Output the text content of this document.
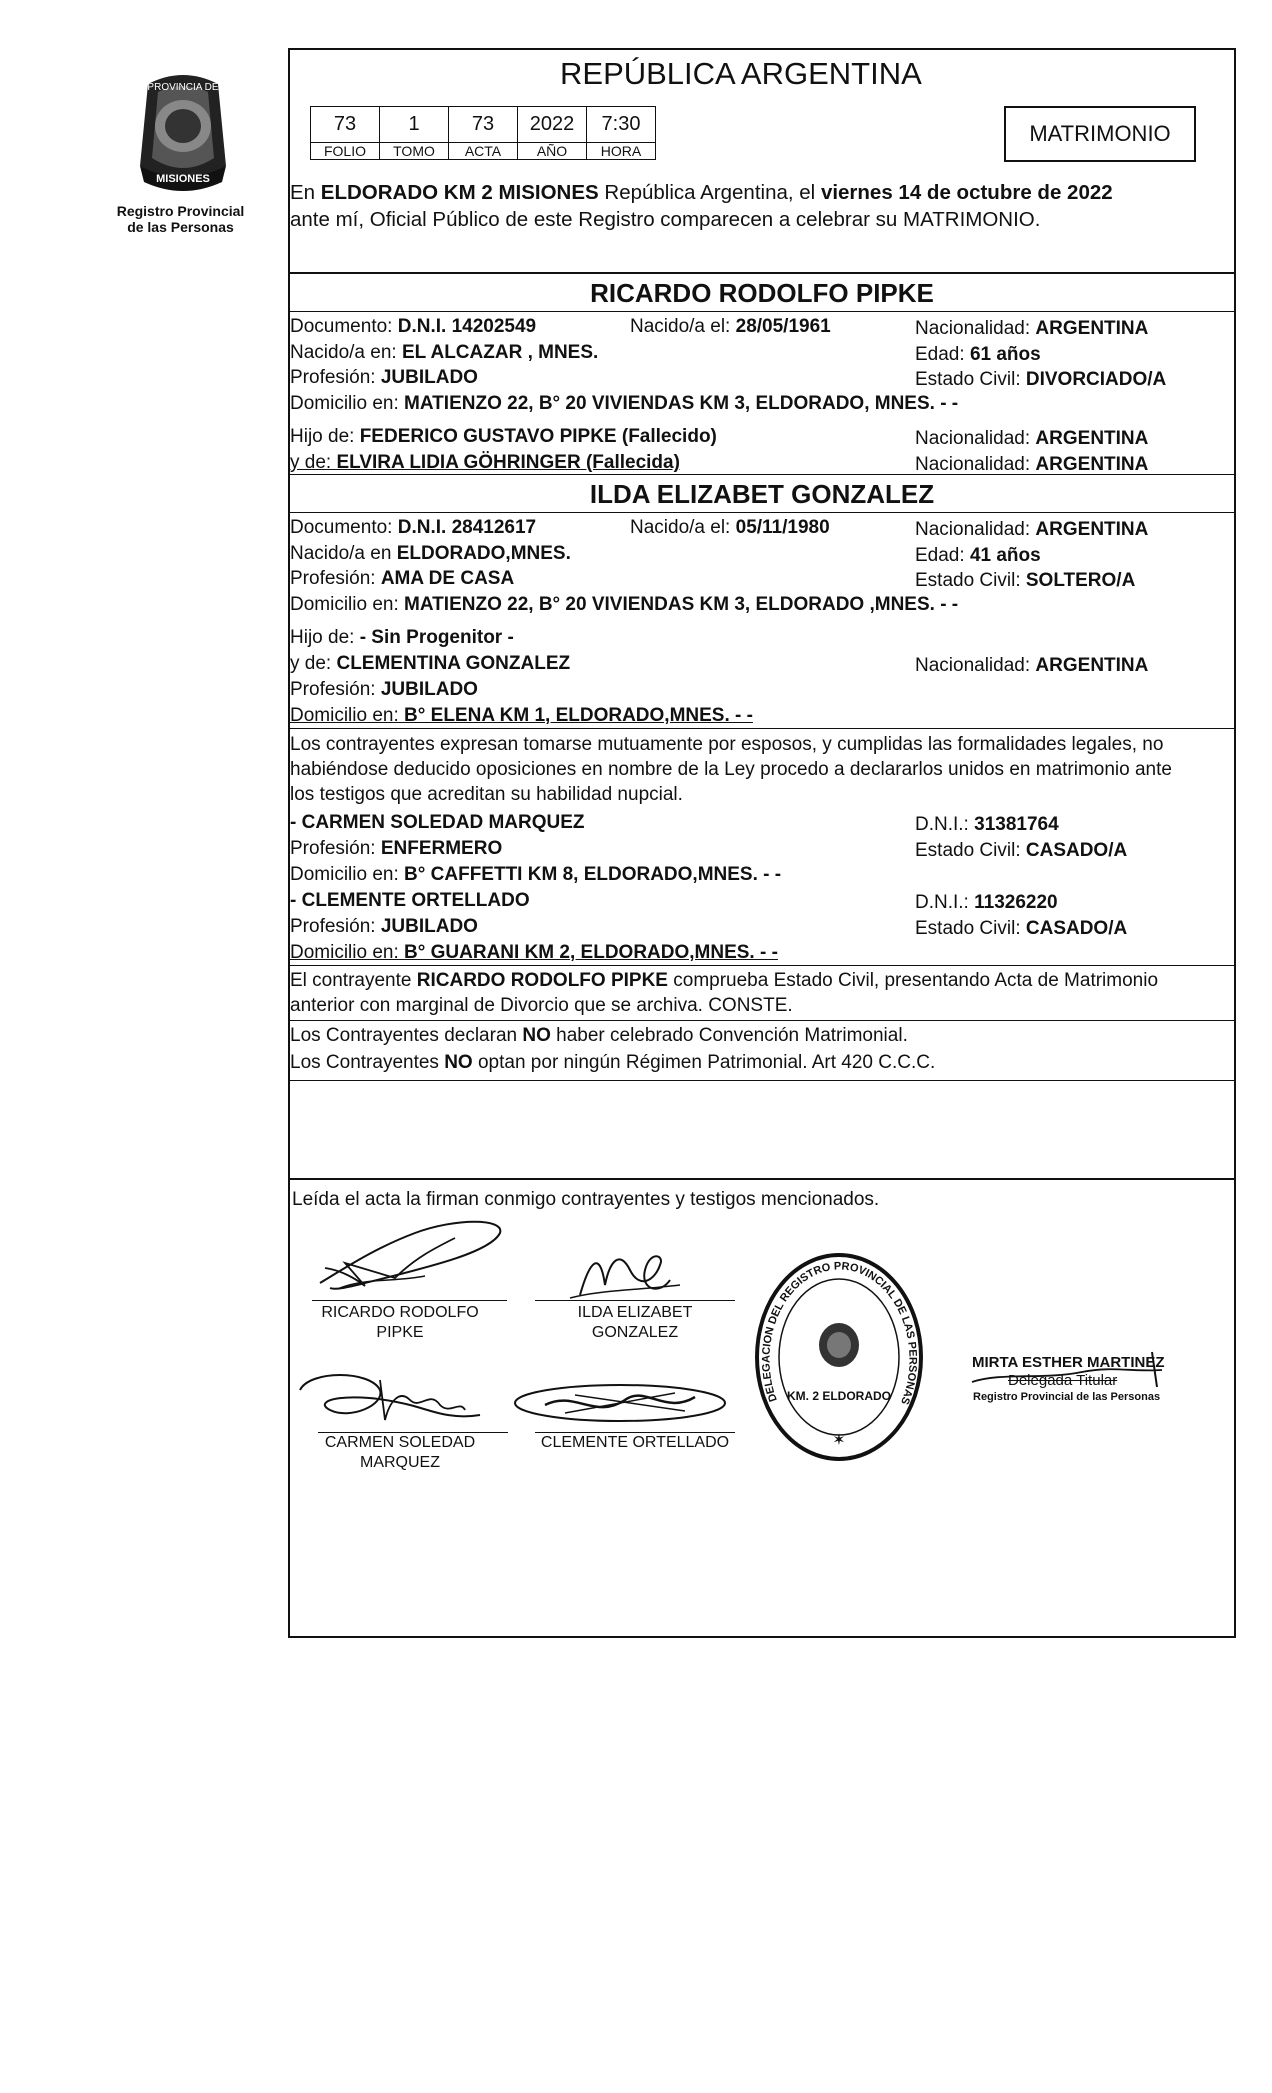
PROVINCIA DE
MISIONES
Registro Provincial
de las Personas
REPÚBLICA ARGENTINA
73	1	73	2022	7:30
FOLIO	TOMO	ACTA	AÑO	HORA
MATRIMONIO
En ELDORADO KM 2 MISIONES República Argentina, el viernes 14 de octubre de 2022
ante mí, Oficial Público de este Registro comparecen a celebrar su MATRIMONIO.
RICARDO RODOLFO PIPKE
Documento: D.N.I. 14202549	Nacido/a el: 28/05/1961	Nacionalidad: ARGENTINA
Nacido/a en: EL ALCAZAR , MNES.	Edad: 61 años
Profesión: JUBILADO	Estado Civil: DIVORCIADO/A
Domicilio en: MATIENZO 22, B° 20 VIVIENDAS KM 3, ELDORADO, MNES. - -
Hijo de: FEDERICO GUSTAVO PIPKE (Fallecido)	Nacionalidad: ARGENTINA
y de: ELVIRA LIDIA GÖHRINGER (Fallecida)	Nacionalidad: ARGENTINA
ILDA ELIZABET GONZALEZ
Documento: D.N.I. 28412617	Nacido/a el: 05/11/1980	Nacionalidad: ARGENTINA
Nacido/a en ELDORADO,MNES.	Edad: 41 años
Profesión: AMA DE CASA	Estado Civil: SOLTERO/A
Domicilio en: MATIENZO 22, B° 20 VIVIENDAS KM 3, ELDORADO ,MNES. - -
Hijo de: - Sin Progenitor -
y de: CLEMENTINA GONZALEZ	Nacionalidad: ARGENTINA
Profesión: JUBILADO
Domicilio en: B° ELENA KM 1, ELDORADO,MNES. - -
Los contrayentes expresan tomarse mutuamente por esposos, y cumplidas las formalidades legales, no
habiéndose deducido oposiciones en nombre de la Ley procedo a declararlos unidos en matrimonio ante
los testigos que acreditan su habilidad nupcial.
- CARMEN SOLEDAD MARQUEZ	D.N.I.: 31381764
Profesión: ENFERMERO	Estado Civil: CASADO/A
Domicilio en: B° CAFFETTI KM 8, ELDORADO,MNES. - -
- CLEMENTE ORTELLADO	D.N.I.: 11326220
Profesión: JUBILADO	Estado Civil: CASADO/A
Domicilio en: B° GUARANI KM 2, ELDORADO,MNES. - -
El contrayente RICARDO RODOLFO PIPKE comprueba Estado Civil, presentando Acta de Matrimonio
anterior con marginal de Divorcio que se archiva. CONSTE.
Los Contrayentes declaran NO haber celebrado Convención Matrimonial.
Los Contrayentes NO optan por ningún Régimen Patrimonial. Art 420 C.C.C.
Leída el acta la firman conmigo contrayentes y testigos mencionados.
RICARDO RODOLFO
PIPKE
ILDA ELIZABET
GONZALEZ
CARMEN SOLEDAD
MARQUEZ
CLEMENTE ORTELLADO
DELEGACION DEL REGISTRO PROVINCIAL DE LAS PERSONAS
KM. 2 ELDORADO
✶
MIRTA ESTHER MARTINEZ
Delegada Titular
Registro Provincial de las Personas
